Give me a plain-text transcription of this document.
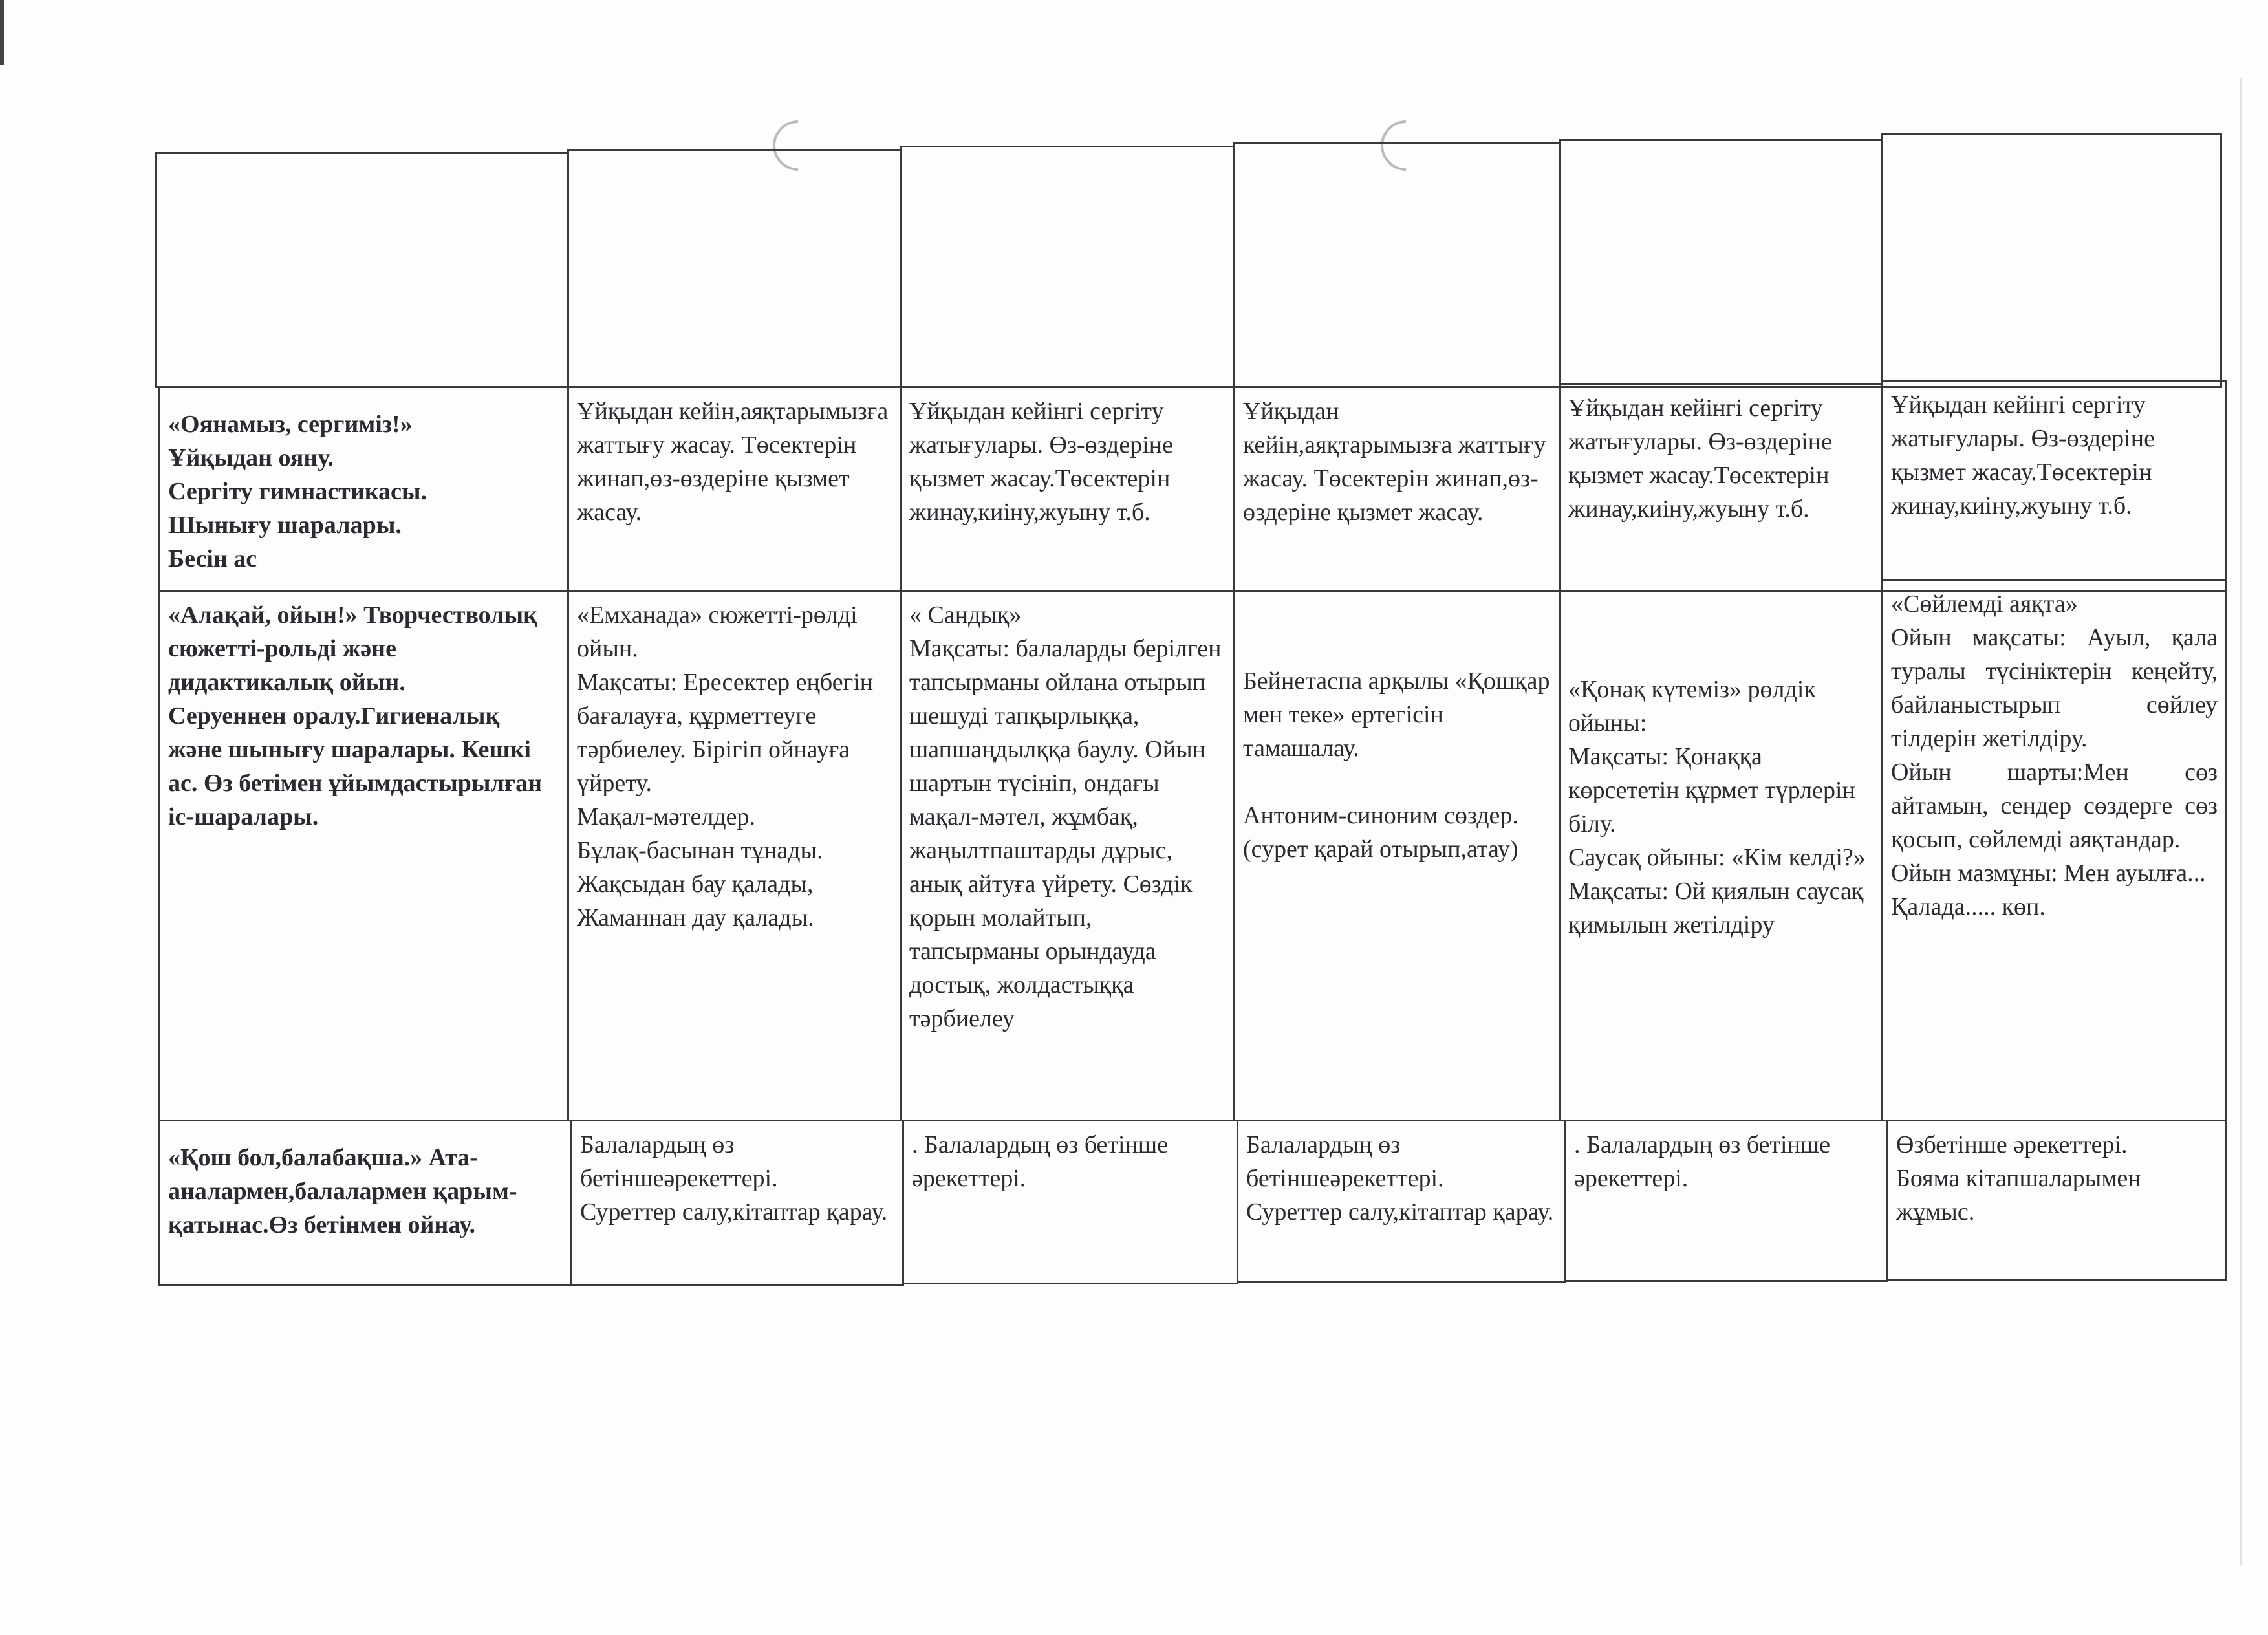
«Оянамыз, сергиміз!»
Ұйқыдан ояну.
Сергіту гимнастикасы.
Шынығу шаралары.
Бесін ас

Ұйқыдан кейін,аяқтарымызға жаттығу жасау. Төсектерін жинап,өз-өздеріне қызмет жасау.

Ұйқыдан кейінгі сергіту жатығулары. Өз-өздеріне қызмет жасау.Төсектерін жинау,киіну,жуыну т.б.

Ұйқыдан кейін,аяқтарымызға жаттығу жасау. Төсектерін жинап,өз-өздеріне қызмет жасау.

Ұйқыдан кейінгі сергіту жатығулары. Өз-өздеріне қызмет жасау.Төсектерін жинау,киіну,жуыну т.б.

Ұйқыдан кейінгі сергіту жатығулары. Өз-өздеріне қызмет жасау.Төсектерін жинау,киіну,жуыну т.б.

«Алақай, ойын!» Творчестволық сюжетті-рольді және дидактикалық ойын.
Серуеннен оралу.Гигиеналық және шынығу шаралары. Кешкі ас. Өз бетімен ұйымдастырылған іс-шаралары.

«Емханада» сюжетті-рөлді ойын.
Мақсаты: Ересектер еңбегін бағалауға, құрметтеуге тәрбиелеу. Бірігіп ойнауға үйрету.
Мақал-мәтелдер.
Бұлақ-басынан тұнады.
Жақсыдан бау қалады,
Жаманнан дау қалады.

« Сандық»
Мақсаты: балаларды берілген тапсырманы ойлана отырып шешуді тапқырлыққа, шапшаңдылққа баулу. Ойын шартын түсініп, ондағы мақал-мәтел, жұмбақ, жаңылтпаштарды дұрыс, анық айтуға үйрету. Сөздік қорын молайтып, тапсырманы орындауда достық, жолдастыққа тәрбиелеу

Бейнетаспа арқылы «Қошқар мен теке» ертегісін тамашалау.

Антоним-синоним сөздер. (сурет қарай отырып,атау)

«Қонақ күтеміз» рөлдік ойыны:
Мақсаты: Қонаққа көрсететін құрмет түрлерін білу.
Саусақ ойыны: «Кім келді?»
Мақсаты: Ой қиялын саусақ қимылын жетілдіру

«Сөйлемді аяқта»
Ойын мақсаты: Ауыл, қала туралы түсініктерін кеңейту, байланыстырып сөйлеу тілдерін жетілдіру.
Ойын шарты:Мен сөз айтамын, сендер сөздерге сөз қосып, сөйлемді аяқтандар.
Ойын мазмұны: Мен ауылға...
Қалада..... көп.

«Қош бол,балабақша.» Ата-аналармен,балалармен қарым-қатынас.Өз бетінмен ойнау.

Балалардың өз бетіншеәрекеттері.
Суреттер салу,кітаптар қарау.

. Балалардың өз бетінше әрекеттері.

Балалардың өз бетіншеәрекеттері.
Суреттер салу,кітаптар қарау.

. Балалардың өз бетінше әрекеттері.

Өзбетінше әрекеттері.
Бояма кітапшаларымен жұмыс.
